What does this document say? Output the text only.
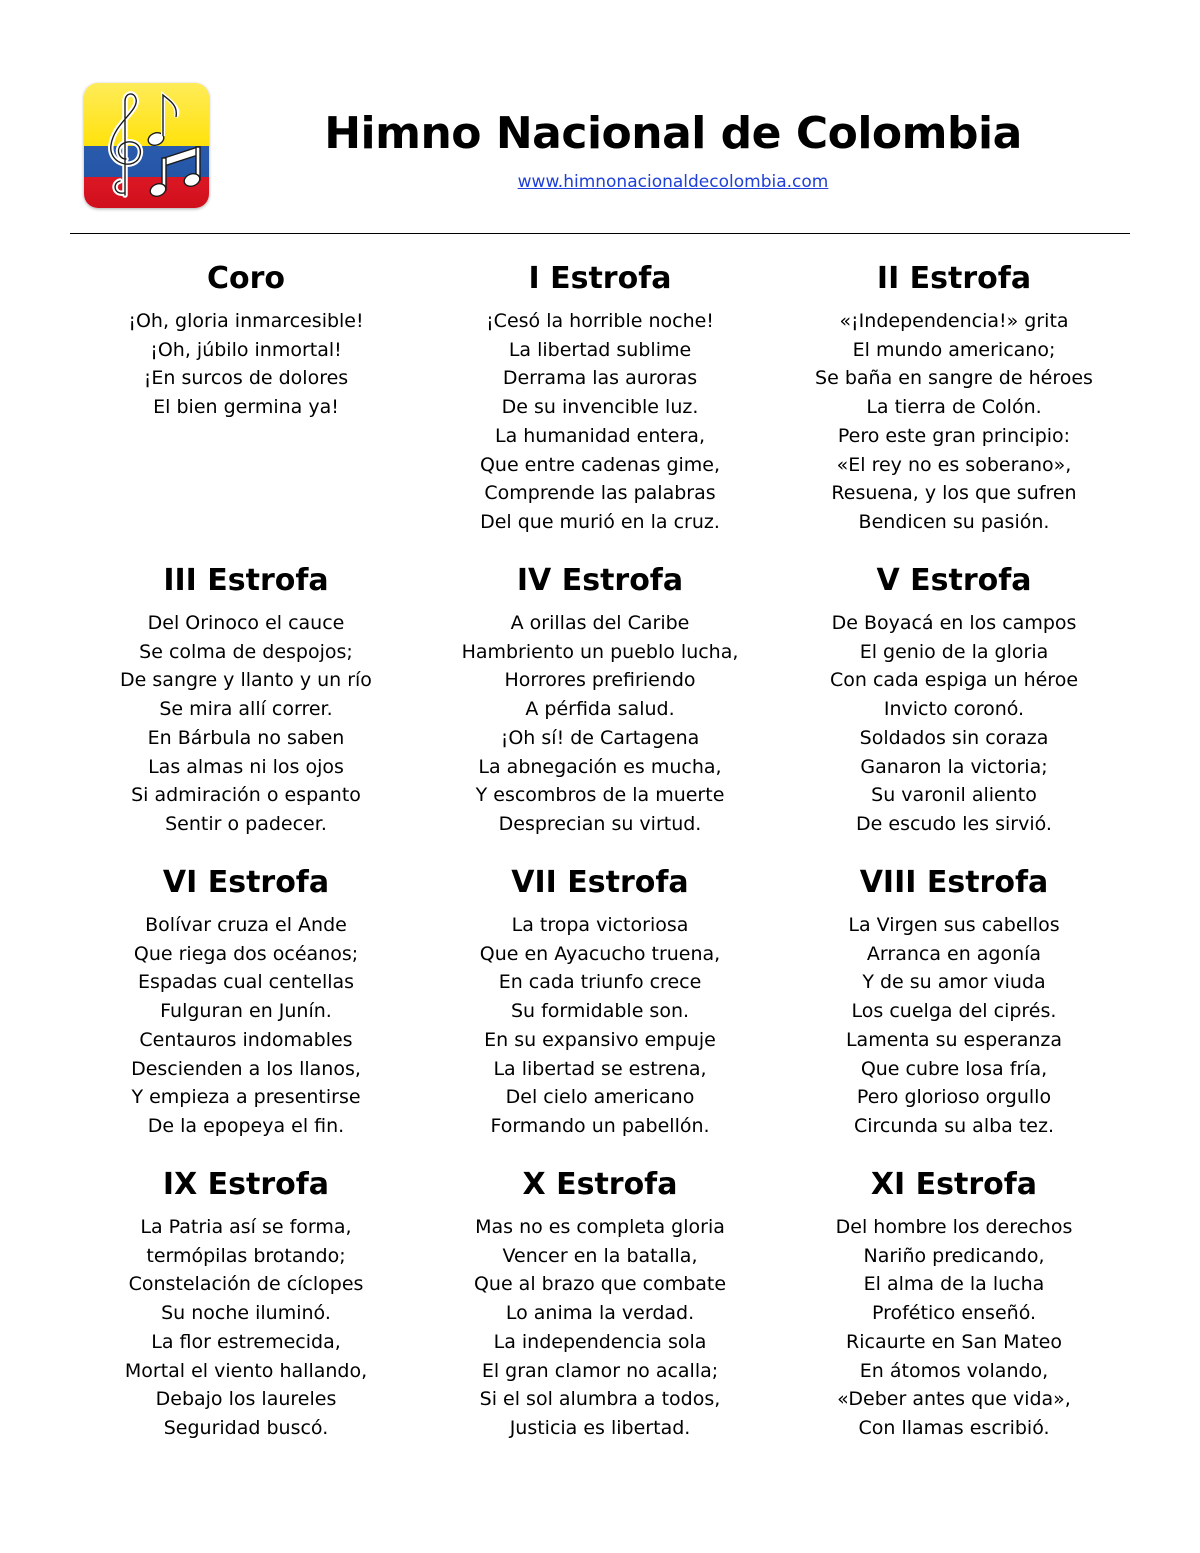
Himno Nacional de Colombia
www.himnonacionaldecolombia.com
Coro
¡Oh, gloria inmarcesible!
¡Oh, júbilo inmortal!
¡En surcos de dolores
El bien germina ya!
I Estrofa
¡Cesó la horrible noche!
La libertad sublime
Derrama las auroras
De su invencible luz.
La humanidad entera,
Que entre cadenas gime,
Comprende las palabras
Del que murió en la cruz.
II Estrofa
«¡Independencia!» grita
El mundo americano;
Se baña en sangre de héroes
La tierra de Colón.
Pero este gran principio:
«El rey no es soberano»,
Resuena, y los que sufren
Bendicen su pasión.
III Estrofa
Del Orinoco el cauce
Se colma de despojos;
De sangre y llanto y un río
Se mira allí correr.
En Bárbula no saben
Las almas ni los ojos
Si admiración o espanto
Sentir o padecer.
IV Estrofa
A orillas del Caribe
Hambriento un pueblo lucha,
Horrores prefiriendo
A pérfida salud.
¡Oh sí! de Cartagena
La abnegación es mucha,
Y escombros de la muerte
Desprecian su virtud.
V Estrofa
De Boyacá en los campos
El genio de la gloria
Con cada espiga un héroe
Invicto coronó.
Soldados sin coraza
Ganaron la victoria;
Su varonil aliento
De escudo les sirvió.
VI Estrofa
Bolívar cruza el Ande
Que riega dos océanos;
Espadas cual centellas
Fulguran en Junín.
Centauros indomables
Descienden a los llanos,
Y empieza a presentirse
De la epopeya el fin.
VII Estrofa
La tropa victoriosa
Que en Ayacucho truena,
En cada triunfo crece
Su formidable son.
En su expansivo empuje
La libertad se estrena,
Del cielo americano
Formando un pabellón.
VIII Estrofa
La Virgen sus cabellos
Arranca en agonía
Y de su amor viuda
Los cuelga del ciprés.
Lamenta su esperanza
Que cubre losa fría,
Pero glorioso orgullo
Circunda su alba tez.
IX Estrofa
La Patria así se forma,
termópilas brotando;
Constelación de cíclopes
Su noche iluminó.
La flor estremecida,
Mortal el viento hallando,
Debajo los laureles
Seguridad buscó.
X Estrofa
Mas no es completa gloria
Vencer en la batalla,
Que al brazo que combate
Lo anima la verdad.
La independencia sola
El gran clamor no acalla;
Si el sol alumbra a todos,
Justicia es libertad.
XI Estrofa
Del hombre los derechos
Nariño predicando,
El alma de la lucha
Profético enseñó.
Ricaurte en San Mateo
En átomos volando,
«Deber antes que vida»,
Con llamas escribió.
